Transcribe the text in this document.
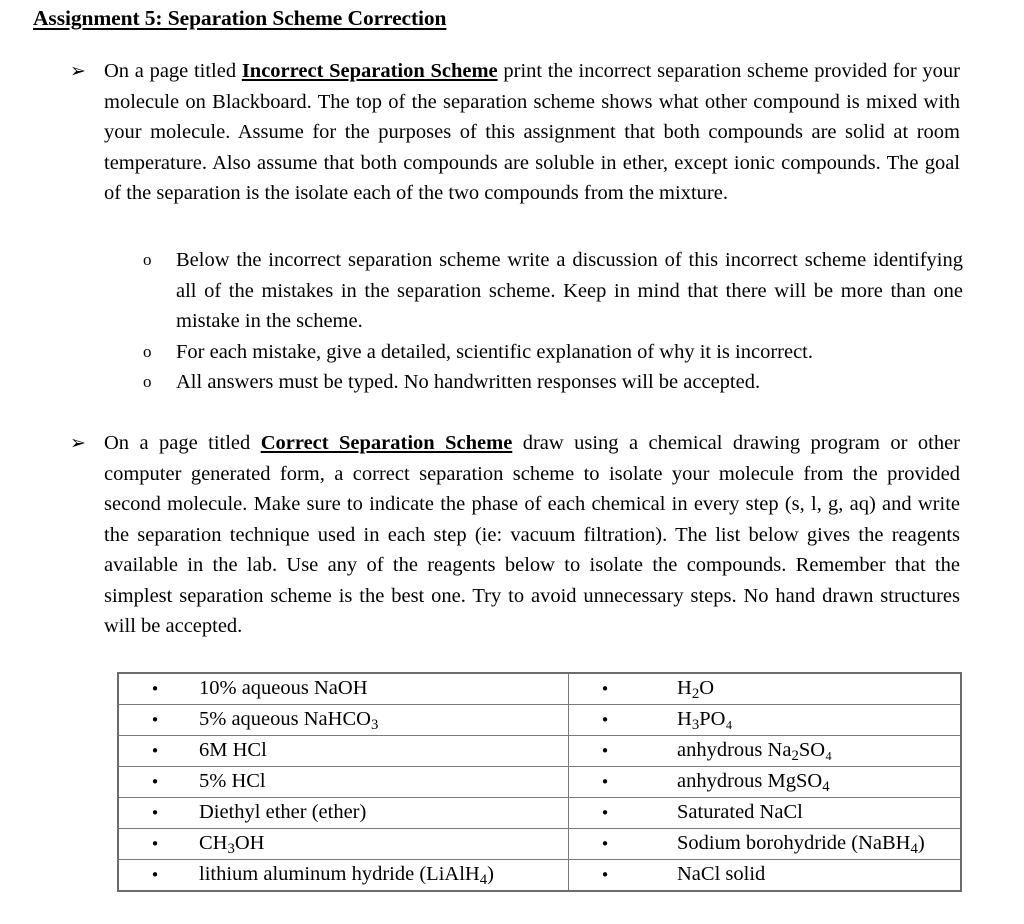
Assignment 5: Separation Scheme Correction
➢ On a page titled Incorrect Separation Scheme print the incorrect separation scheme provided for your molecule on Blackboard. The top of the separation scheme shows what other compound is mixed with your molecule. Assume for the purposes of this assignment that both compounds are solid at room temperature. Also assume that both compounds are soluble in ether, except ionic compounds. The goal of the separation is the isolate each of the two compounds from the mixture.
o	Below the incorrect separation scheme write a discussion of this incorrect scheme identifying all of the mistakes in the separation scheme. Keep in mind that there will be more than one mistake in the scheme.
o	For each mistake, give a detailed, scientific explanation of why it is incorrect.
o	All answers must be typed. No handwritten responses will be accepted.
➢ On a page titled Correct Separation Scheme draw using a chemical drawing program or other computer generated form, a correct separation scheme to isolate your molecule from the provided second molecule. Make sure to indicate the phase of each chemical in every step (s, l, g, aq) and write the separation technique used in each step (ie: vacuum filtration). The list below gives the reagents available in the lab. Use any of the reagents below to isolate the compounds. Remember that the simplest separation scheme is the best one. Try to avoid unnecessary steps. No hand drawn structures will be accepted.
• 10% aqueous NaOH	• $H_2O$

• 5% aqueous NaHCO$_3$	• $H_3PO_4$

• 6M HCl	• anhydrous $Na_2SO_4$

• 5% HCl	• anhydrous MgSO$_4$

• Diethyl ether (ether)	• Saturated NaCl

• $CH_3OH$	• Sodium borohydride (NaBH$_4$)

• lithium aluminum hydride (LiAlH$_4$)	• NaCl solid
